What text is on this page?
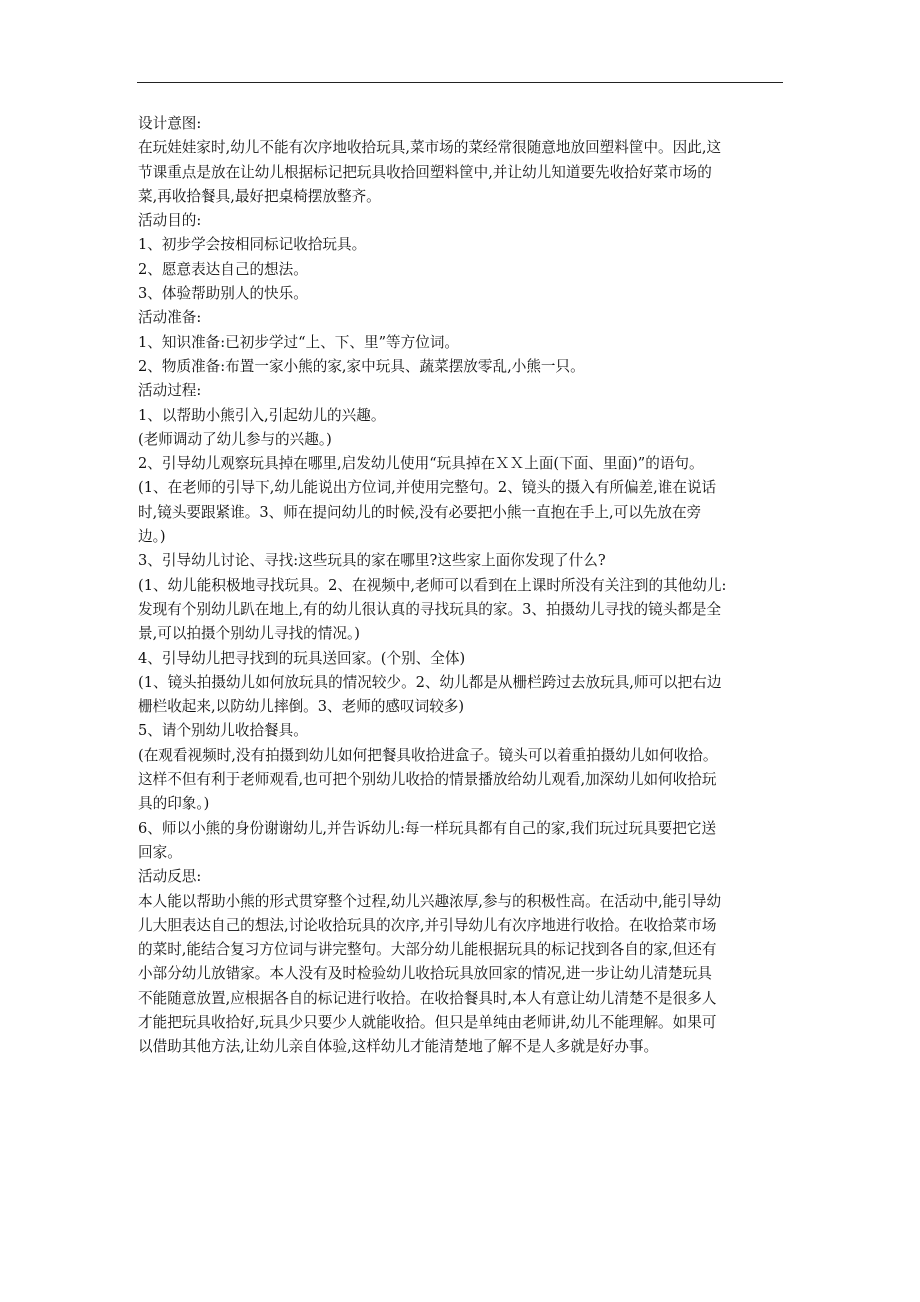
设计意图:
在玩娃娃家时,幼儿不能有次序地收拾玩具,菜市场的菜经常很随意地放回塑料筐中。因此,这
节课重点是放在让幼儿根据标记把玩具收拾回塑料筐中,并让幼儿知道要先收拾好菜市场的
菜,再收拾餐具,最好把桌椅摆放整齐。
活动目的:
1、初步学会按相同标记收拾玩具。
2、愿意表达自己的想法。
3、体验帮助别人的快乐。
活动准备:
1、知识准备:已初步学过“上、下、里”等方位词。
2、物质准备:布置一家小熊的家,家中玩具、蔬菜摆放零乱,小熊一只。
活动过程:
1、以帮助小熊引入,引起幼儿的兴趣。
(老师调动了幼儿参与的兴趣。)
2、引导幼儿观察玩具掉在哪里,启发幼儿使用“玩具掉在ＸＸ上面(下面、里面)”的语句。
(1、在老师的引导下,幼儿能说出方位词,并使用完整句。2、镜头的摄入有所偏差,谁在说话
时,镜头要跟紧谁。3、师在提问幼儿的时候,没有必要把小熊一直抱在手上,可以先放在旁
边。)
3、引导幼儿讨论、寻找:这些玩具的家在哪里?这些家上面你发现了什么?
(1、幼儿能积极地寻找玩具。2、在视频中,老师可以看到在上课时所没有关注到的其他幼儿:
发现有个别幼儿趴在地上,有的幼儿很认真的寻找玩具的家。3、拍摄幼儿寻找的镜头都是全
景,可以拍摄个别幼儿寻找的情况。)
4、引导幼儿把寻找到的玩具送回家。(个别、全体)
(1、镜头拍摄幼儿如何放玩具的情况较少。2、幼儿都是从栅栏跨过去放玩具,师可以把右边
栅栏收起来,以防幼儿摔倒。3、老师的感叹词较多)
5、请个别幼儿收拾餐具。
(在观看视频时,没有拍摄到幼儿如何把餐具收拾进盒子。镜头可以着重拍摄幼儿如何收拾。
这样不但有利于老师观看,也可把个别幼儿收拾的情景播放给幼儿观看,加深幼儿如何收拾玩
具的印象。)
6、师以小熊的身份谢谢幼儿,并告诉幼儿:每一样玩具都有自己的家,我们玩过玩具要把它送
回家。
活动反思:
本人能以帮助小熊的形式贯穿整个过程,幼儿兴趣浓厚,参与的积极性高。在活动中,能引导幼
儿大胆表达自己的想法,讨论收拾玩具的次序,并引导幼儿有次序地进行收拾。在收拾菜市场
的菜时,能结合复习方位词与讲完整句。大部分幼儿能根据玩具的标记找到各自的家,但还有
小部分幼儿放错家。本人没有及时检验幼儿收拾玩具放回家的情况,进一步让幼儿清楚玩具
不能随意放置,应根据各自的标记进行收拾。在收拾餐具时,本人有意让幼儿清楚不是很多人
才能把玩具收拾好,玩具少只要少人就能收拾。但只是单纯由老师讲,幼儿不能理解。如果可
以借助其他方法,让幼儿亲自体验,这样幼儿才能清楚地了解不是人多就是好办事。
